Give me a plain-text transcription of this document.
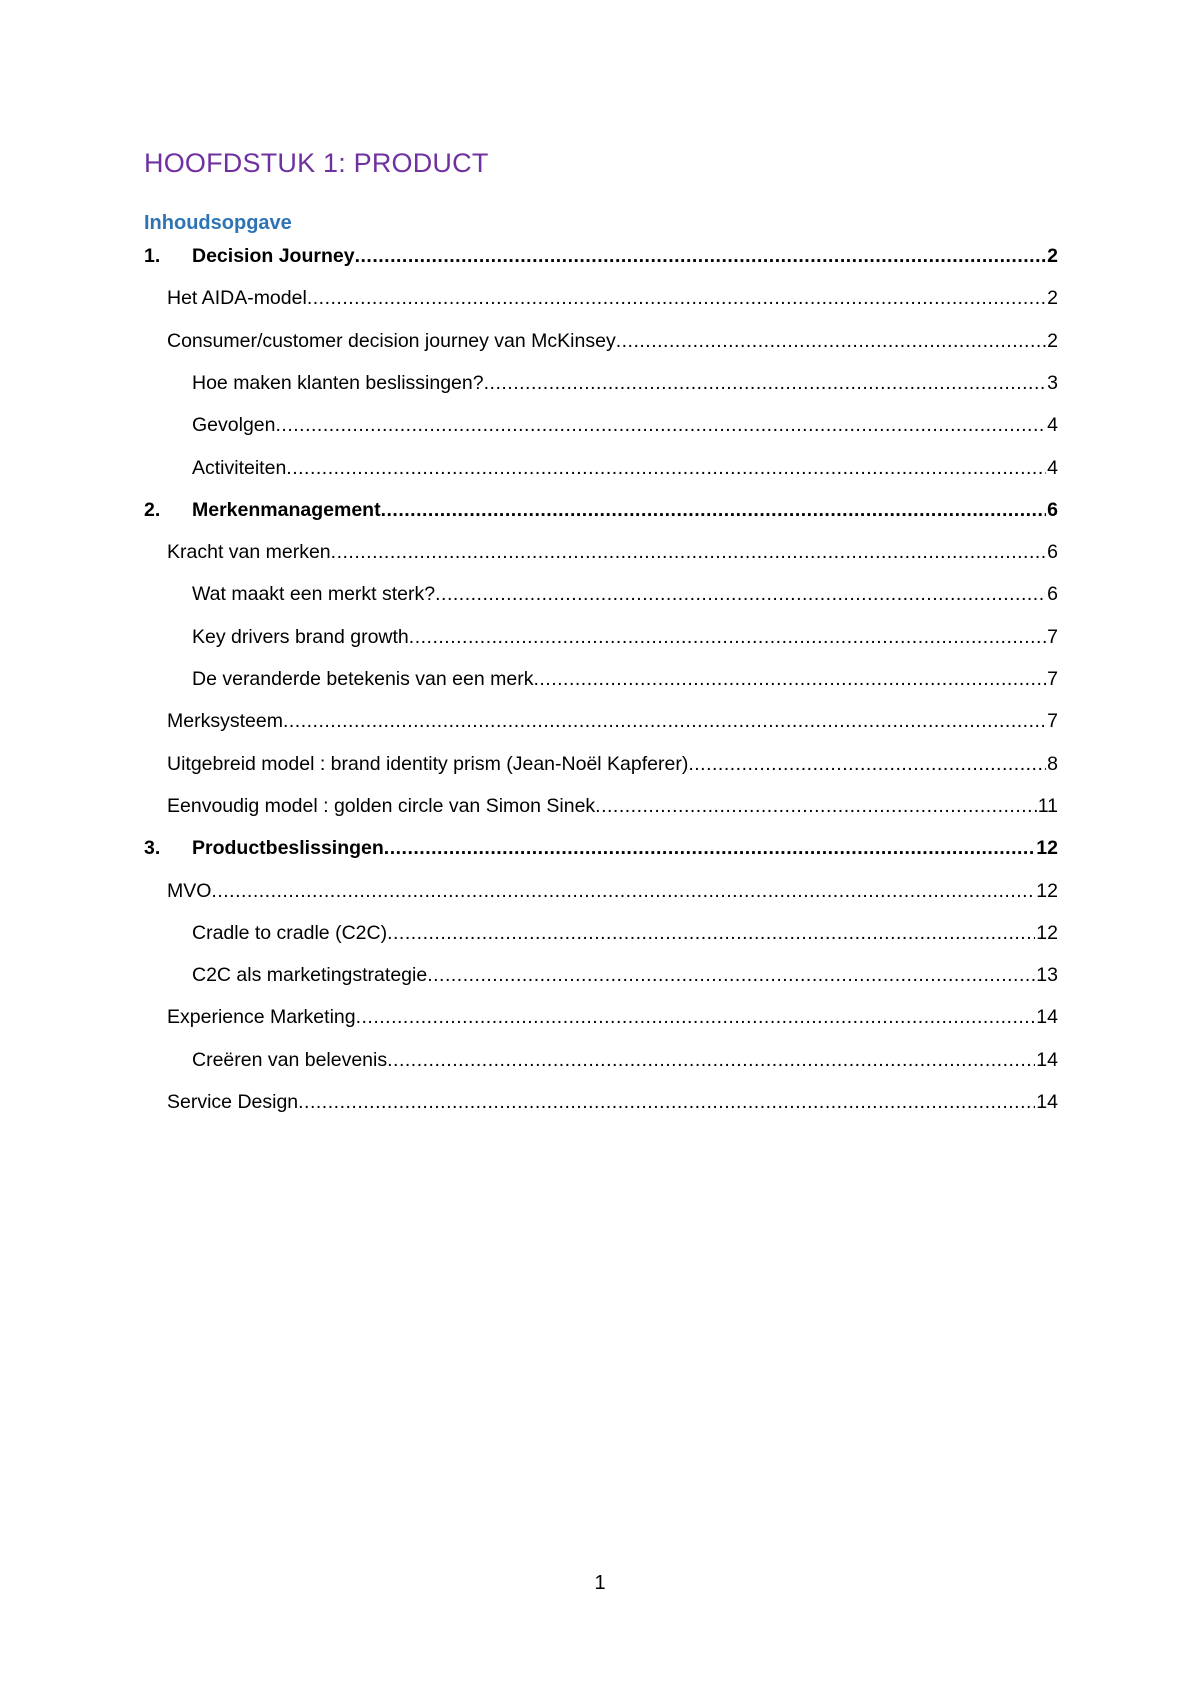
HOOFDSTUK 1: PRODUCT
Inhoudsopgave
1.	Decision Journey .....	2
Het AIDA-model .....	2
Consumer/customer decision journey van McKinsey .....	2
Hoe maken klanten beslissingen? .....	3
Gevolgen .....	4
Activiteiten .....	4
2.	Merkenmanagement .....	6
Kracht van merken .....	6
Wat maakt een merkt sterk? .....	6
Key drivers brand growth .....	7
De veranderde betekenis van een merk .....	7
Merksysteem .....	7
Uitgebreid model : brand identity prism (Jean-Noël Kapferer) .....	8
Eenvoudig model : golden circle van Simon Sinek .....	11
3.	Productbeslissingen .....	12
MVO .....	12
Cradle to cradle (C2C) .....	12
C2C als marketingstrategie .....	13
Experience Marketing .....	14
Creëren van belevenis .....	14
Service Design .....	14
1
